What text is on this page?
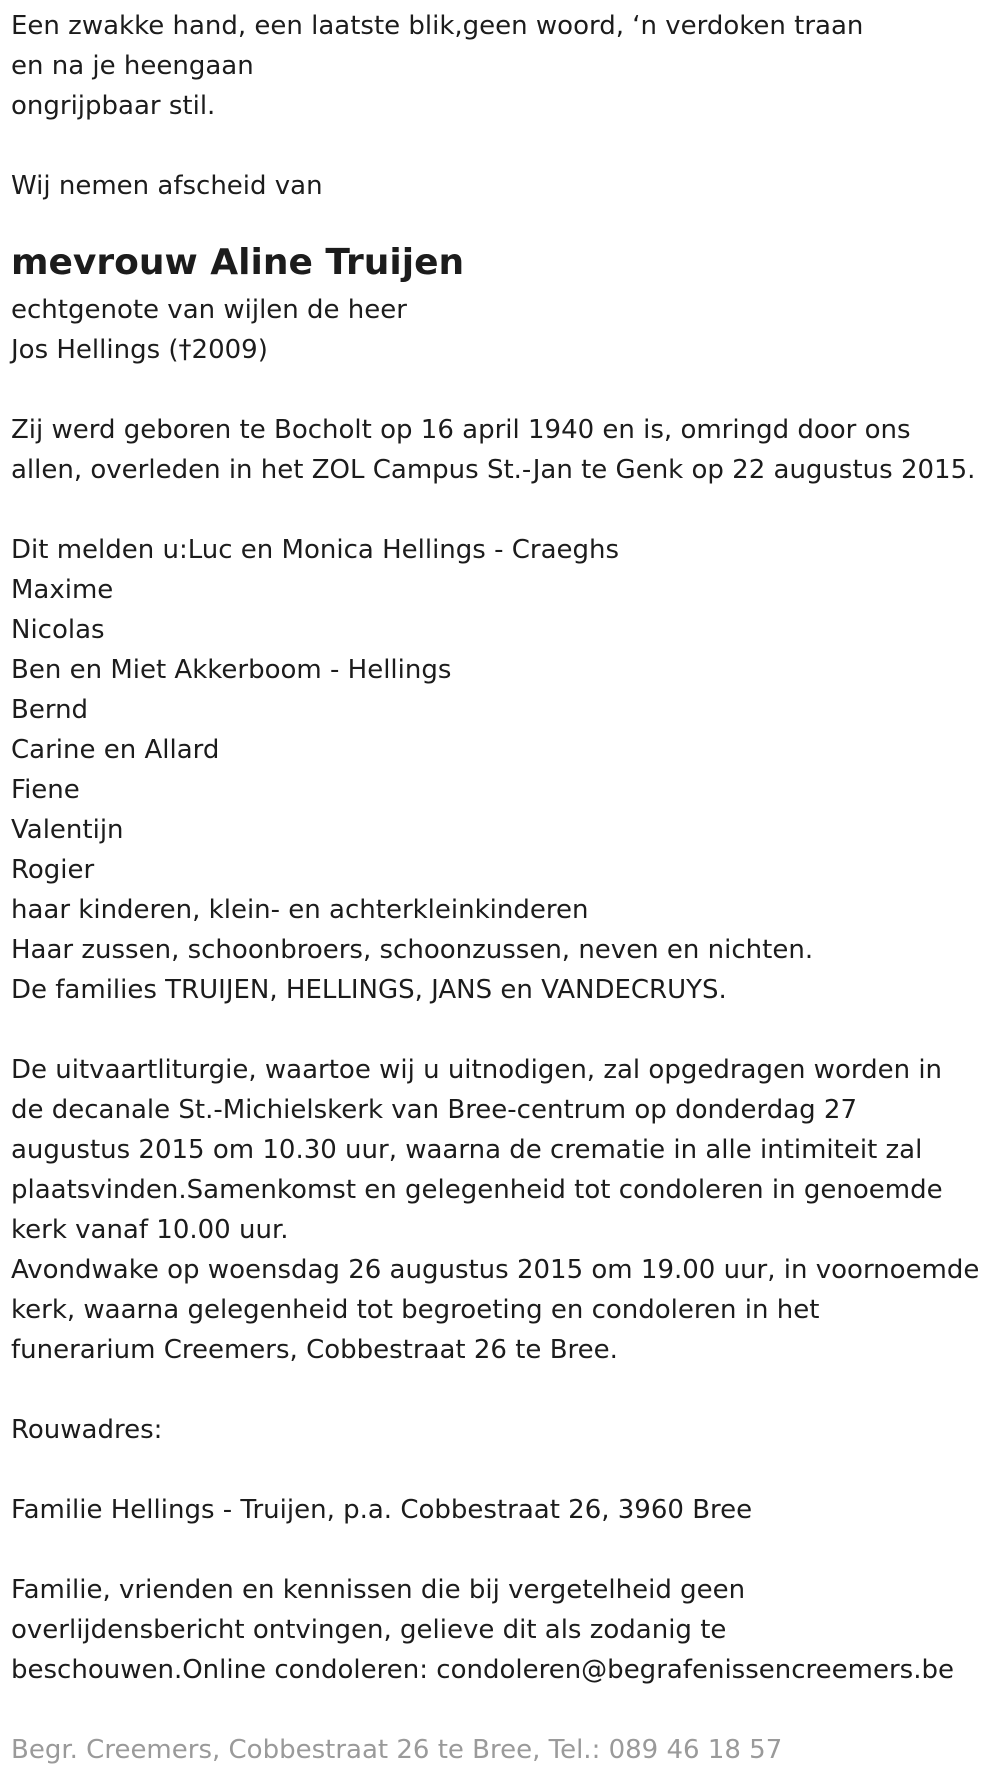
Een zwakke hand, een laatste blik,geen woord, ‘n verdoken traan
en na je heengaan
ongrijpbaar stil.
Wij nemen afscheid van
mevrouw Aline Truijen
echtgenote van wijlen de heer
Jos Hellings (†2009)
Zij werd geboren te Bocholt op 16 april 1940 en is, omringd door ons
allen, overleden in het ZOL Campus St.-Jan te Genk op 22 augustus 2015.
Dit melden u:Luc en Monica Hellings - Craeghs
Maxime
Nicolas
Ben en Miet Akkerboom - Hellings
Bernd
Carine en Allard
Fiene
Valentijn
Rogier
haar kinderen, klein- en achterkleinkinderen
Haar zussen, schoonbroers, schoonzussen, neven en nichten.
De families TRUIJEN, HELLINGS, JANS en VANDECRUYS.
De uitvaartliturgie, waartoe wij u uitnodigen, zal opgedragen worden in
de decanale St.-Michielskerk van Bree-centrum op donderdag 27
augustus 2015 om 10.30 uur, waarna de crematie in alle intimiteit zal
plaatsvinden.Samenkomst en gelegenheid tot condoleren in genoemde
kerk vanaf 10.00 uur.
Avondwake op woensdag 26 augustus 2015 om 19.00 uur, in voornoemde
kerk, waarna gelegenheid tot begroeting en condoleren in het
funerarium Creemers, Cobbestraat 26 te Bree.
Rouwadres:
Familie Hellings - Truijen, p.a. Cobbestraat 26, 3960 Bree
Familie, vrienden en kennissen die bij vergetelheid geen
overlijdensbericht ontvingen, gelieve dit als zodanig te
beschouwen.Online condoleren: condoleren@begrafenissencreemers.be
Begr. Creemers, Cobbestraat 26 te Bree, Tel.: 089 46 18 57
